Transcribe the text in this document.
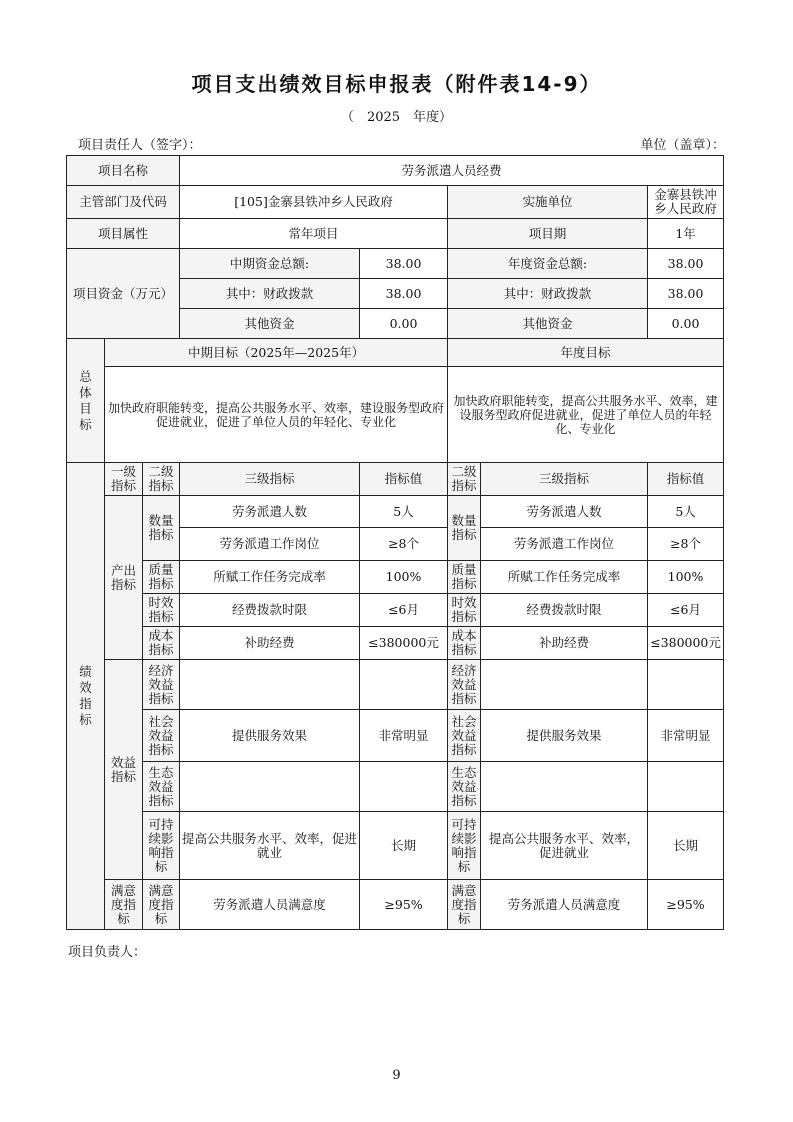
项目支出绩效目标申报表（附件表14-9）
（　2025　年度）
项目责任人（签字）：	单位（盖章）：
项目名称			劳务派遣人员经费				
主管部门及代码			[105]金寨县铁冲乡人民政府		实施单位		金寨县铁冲乡人民政府
项目属性			常年项目		项目期		1年
项目资金（万元）			中期资金总额:	38.00	年度资金总额:		38.00
			其中：财政拨款	38.00	其中：财政拨款		38.00
			其他资金	0.00	其他资金		0.00
总体目标	中期目标（2025年—2025年）				年度目标		
	加快政府职能转变，提高公共服务水平、效率，建设服务型政府促进就业，促进了单位人员的年轻化、专业化				加快政府职能转变，提高公共服务水平、效率，建设服务型政府促进就业，促进了单位人员的年轻化、专业化		
绩效指标	一级指标	二级指标	三级指标	指标值	二级指标	三级指标	指标值
	产出指标	数量指标	劳务派遣人数	5人	数量指标	劳务派遣人数	5人
			劳务派遣工作岗位	≥8个		劳务派遣工作岗位	≥8个
		质量指标	所赋工作任务完成率	100%	质量指标	所赋工作任务完成率	100%
		时效指标	经费拨款时限	≤6月	时效指标	经费拨款时限	≤6月
		成本指标	补助经费	≤380000元	成本指标	补助经费	≤380000元
	效益指标	经济效益指标			经济效益指标		
		社会效益指标	提供服务效果	非常明显	社会效益指标	提供服务效果	非常明显
		生态效益指标			生态效益指标		
		可持续影响指标	提高公共服务水平、效率，促进就业	长期	可持续影响指标	提高公共服务水平、效率，促进就业	长期
	满意度指标	满意度指标	劳务派遣人员满意度	≥95%	满意度指标	劳务派遣人员满意度	≥95%
项目负责人：
9
